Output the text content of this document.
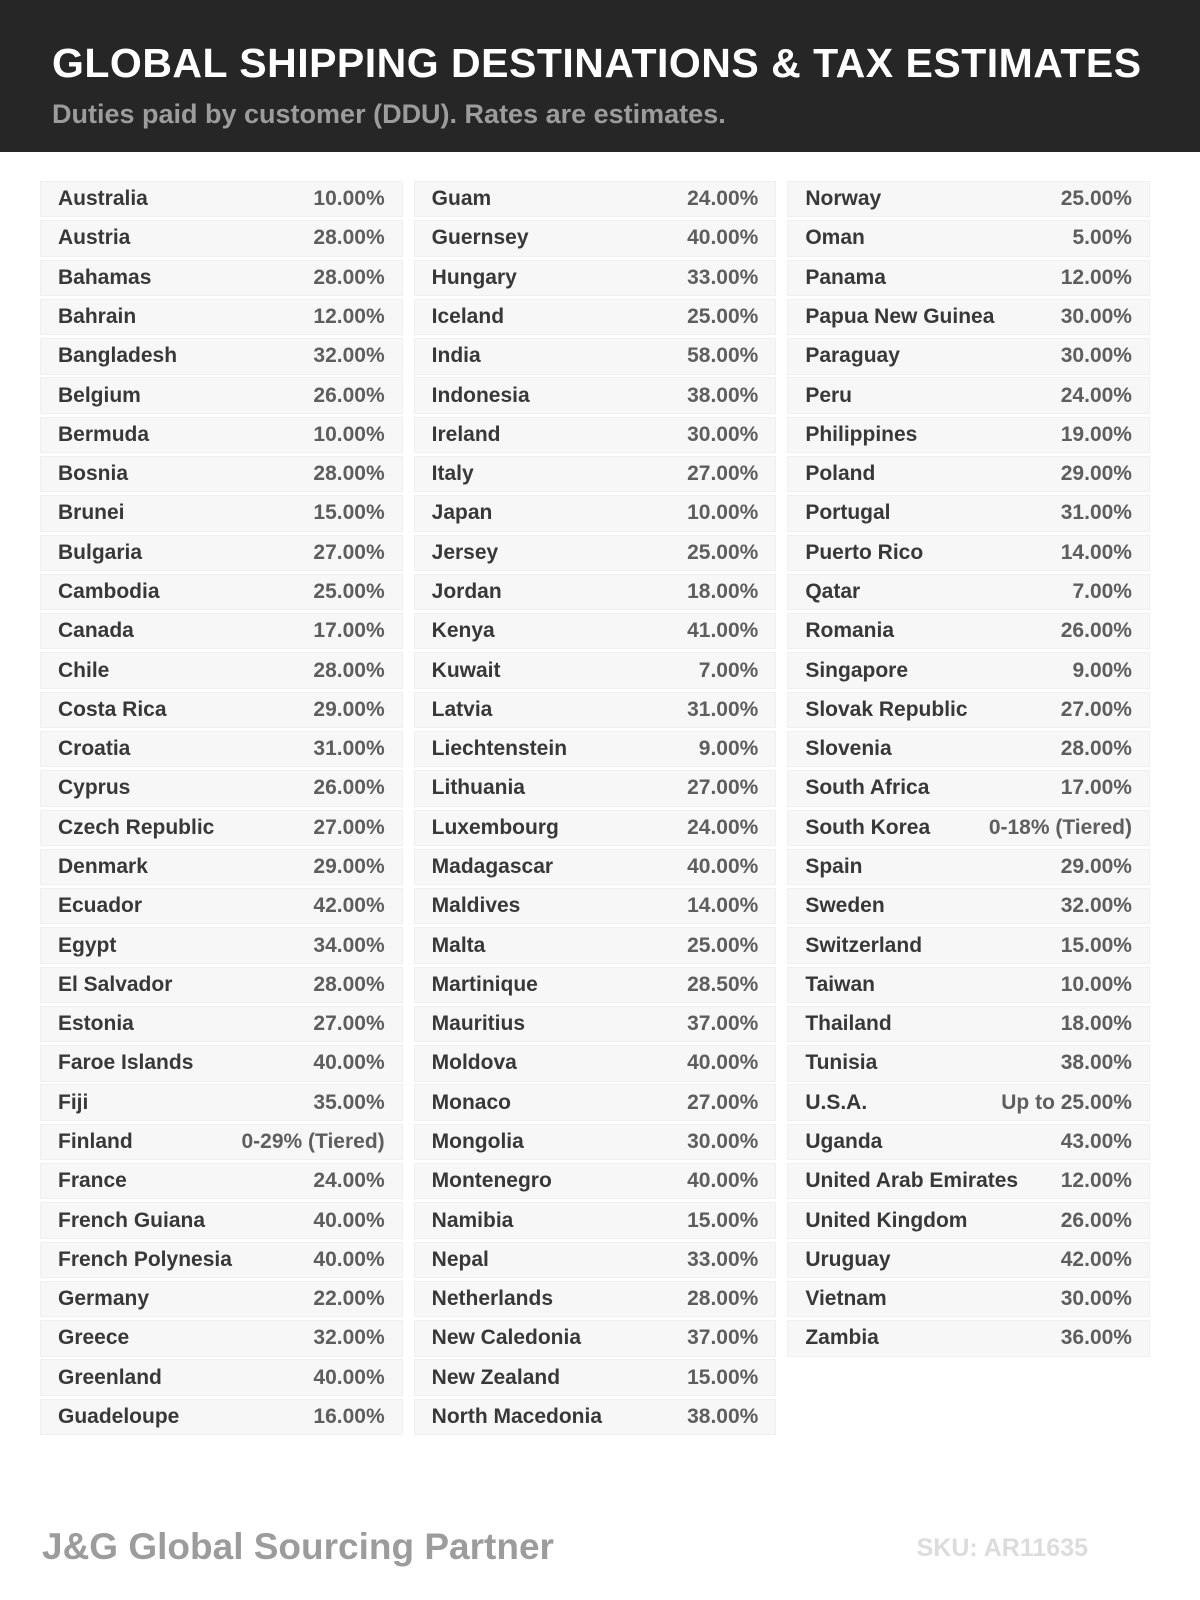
GLOBAL SHIPPING DESTINATIONS & TAX ESTIMATES
Duties paid by customer (DDU). Rates are estimates.
Australia	10.00%
Austria	28.00%
Bahamas	28.00%
Bahrain	12.00%
Bangladesh	32.00%
Belgium	26.00%
Bermuda	10.00%
Bosnia	28.00%
Brunei	15.00%
Bulgaria	27.00%
Cambodia	25.00%
Canada	17.00%
Chile	28.00%
Costa Rica	29.00%
Croatia	31.00%
Cyprus	26.00%
Czech Republic	27.00%
Denmark	29.00%
Ecuador	42.00%
Egypt	34.00%
El Salvador	28.00%
Estonia	27.00%
Faroe Islands	40.00%
Fiji	35.00%
Finland	0-29% (Tiered)
France	24.00%
French Guiana	40.00%
French Polynesia	40.00%
Germany	22.00%
Greece	32.00%
Greenland	40.00%
Guadeloupe	16.00%
Guam	24.00%
Guernsey	40.00%
Hungary	33.00%
Iceland	25.00%
India	58.00%
Indonesia	38.00%
Ireland	30.00%
Italy	27.00%
Japan	10.00%
Jersey	25.00%
Jordan	18.00%
Kenya	41.00%
Kuwait	7.00%
Latvia	31.00%
Liechtenstein	9.00%
Lithuania	27.00%
Luxembourg	24.00%
Madagascar	40.00%
Maldives	14.00%
Malta	25.00%
Martinique	28.50%
Mauritius	37.00%
Moldova	40.00%
Monaco	27.00%
Mongolia	30.00%
Montenegro	40.00%
Namibia	15.00%
Nepal	33.00%
Netherlands	28.00%
New Caledonia	37.00%
New Zealand	15.00%
North Macedonia	38.00%
Norway	25.00%
Oman	5.00%
Panama	12.00%
Papua New Guinea	30.00%
Paraguay	30.00%
Peru	24.00%
Philippines	19.00%
Poland	29.00%
Portugal	31.00%
Puerto Rico	14.00%
Qatar	7.00%
Romania	26.00%
Singapore	9.00%
Slovak Republic	27.00%
Slovenia	28.00%
South Africa	17.00%
South Korea	0-18% (Tiered)
Spain	29.00%
Sweden	32.00%
Switzerland	15.00%
Taiwan	10.00%
Thailand	18.00%
Tunisia	38.00%
U.S.A.	Up to 25.00%
Uganda	43.00%
United Arab Emirates 12.00%
United Kingdom	26.00%
Uruguay	42.00%
Vietnam	30.00%
Zambia	36.00%
J&G Global Sourcing Partner	SKU: AR11635
